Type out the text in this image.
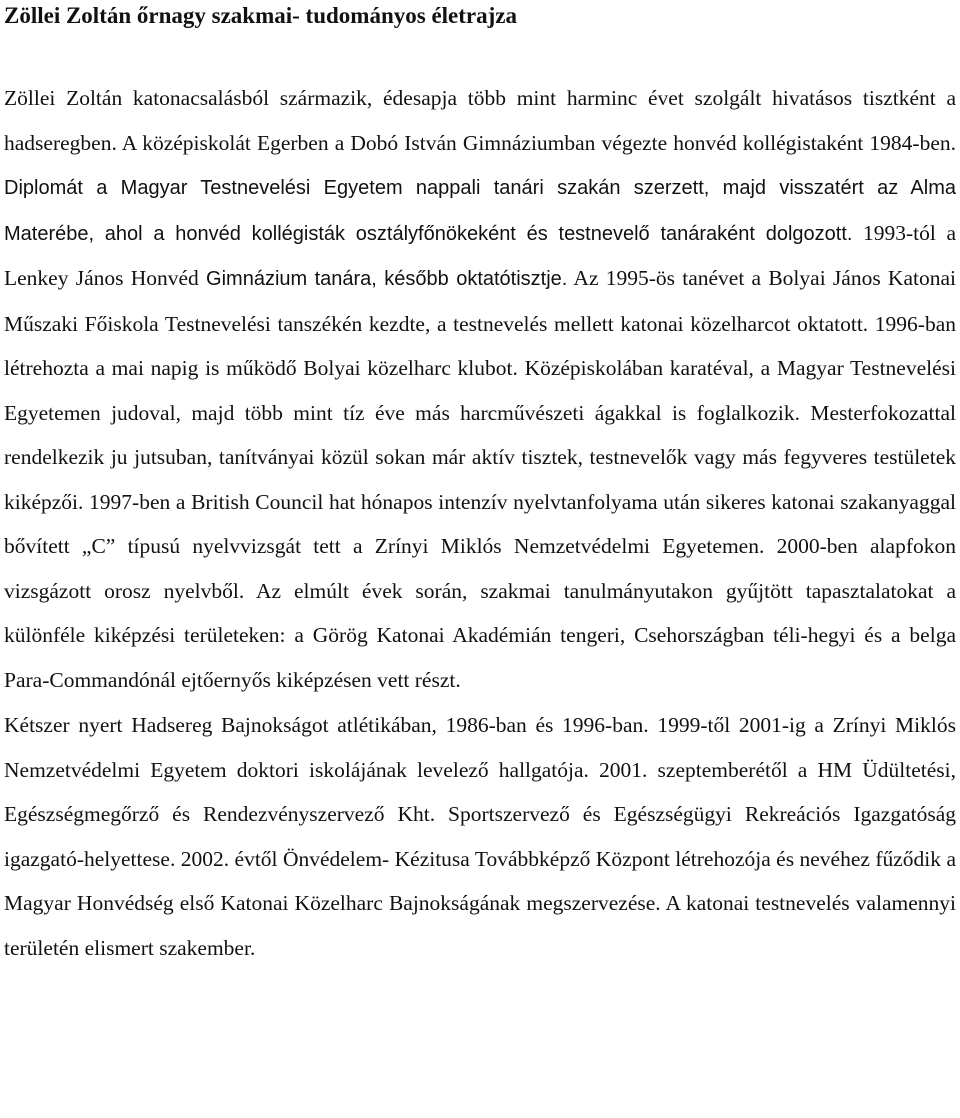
Zöllei Zoltán őrnagy szakmai- tudományos életrajza

Zöllei Zoltán katonacsalásból származik, édesapja több mint harminc évet szolgált hivatásos tisztként a hadseregben. A középiskolát Egerben a Dobó István Gimnáziumban végezte honvéd kollégistaként 1984-ben. Diplomát a Magyar Testnevelési Egyetem nappali tanári szakán szerzett, majd visszatért az Alma Materébe, ahol a honvéd kollégisták osztályfőnökeként és testnevelő tanáraként dolgozott. 1993-tól a Lenkey János Honvéd Gimnázium tanára, később oktatótisztje. Az 1995-ös tanévet a Bolyai János Katonai Műszaki Főiskola Testnevelési tanszékén kezdte, a testnevelés mellett katonai közelharcot oktatott. 1996-ban létrehozta a mai napig is működő Bolyai közelharc klubot. Középiskolában karatéval, a Magyar Testnevelési Egyetemen judoval, majd több mint tíz éve más harcművészeti ágakkal is foglalkozik. Mesterfokozattal rendelkezik ju jutsuban, tanítványai közül sokan már aktív tisztek, testnevelők vagy más fegyveres testületek kiképzői. 1997-ben a British Council hat hónapos intenzív nyelvtanfolyama után sikeres katonai szakanyaggal bővített „C” típusú nyelvvizsgát tett a Zrínyi Miklós Nemzetvédelmi Egyetemen. 2000-ben alapfokon vizsgázott orosz nyelvből. Az elmúlt évek során, szakmai tanulmányutakon gyűjtött tapasztalatokat a különféle kiképzési területeken: a Görög Katonai Akadémián tengeri, Csehországban téli-hegyi és a belga Para-Commandónál ejtőernyős kiképzésen vett részt.

Kétszer nyert Hadsereg Bajnokságot atlétikában, 1986-ban és 1996-ban. 1999-től 2001-ig a Zrínyi Miklós Nemzetvédelmi Egyetem doktori iskolájának levelező hallgatója. 2001. szeptemberétől a HM Üdültetési, Egészségmegőrző és Rendezvényszervező Kht. Sportszervező és Egészségügyi Rekreációs Igazgatóság igazgató-helyettese. 2002. évtől Önvédelem- Kézitusa Továbbképző Központ létrehozója és nevéhez fűződik a Magyar Honvédség első Katonai Közelharc Bajnokságának megszervezése. A katonai testnevelés valamennyi területén elismert szakember.
